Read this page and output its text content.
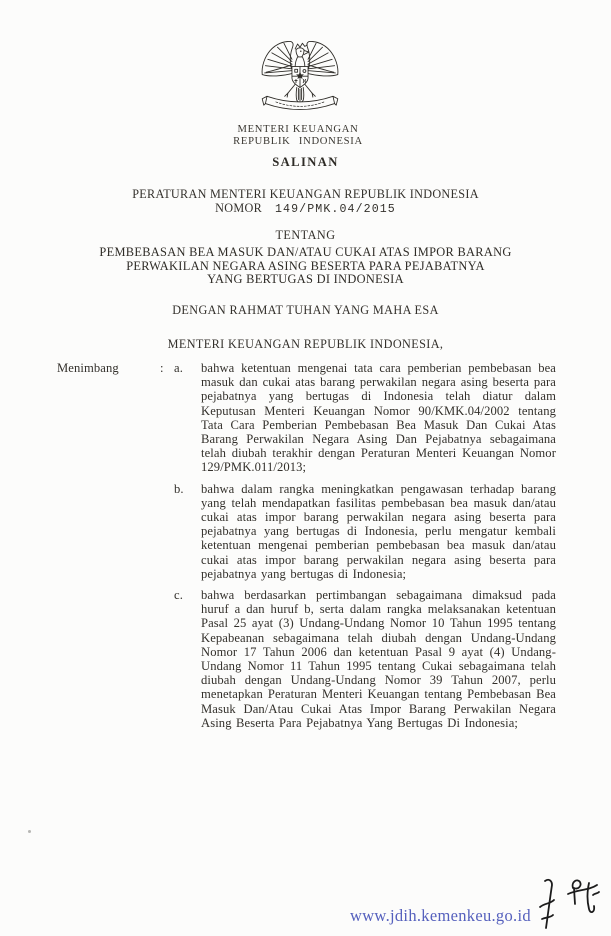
MENTERI KEUANGAN
REPUBLIK INDONESIA
SALINAN
PERATURAN MENTERI KEUANGAN REPUBLIK INDONESIA
NOMOR 149/PMK.04/2015
TENTANG
PEMBEBASAN BEA MASUK DAN/ATAU CUKAI ATAS IMPOR BARANG
PERWAKILAN NEGARA ASING BESERTA PARA PEJABATNYA
YANG BERTUGAS DI INDONESIA
DENGAN RAHMAT TUHAN YANG MAHA ESA
MENTERI KEUANGAN REPUBLIK INDONESIA,
Menimbang	: a.	bahwa ketentuan mengenai tata cara pemberian pembebasan bea masuk dan cukai atas barang perwakilan negara asing beserta para pejabatnya yang bertugas di Indonesia telah diatur dalam Keputusan Menteri Keuangan Nomor 90/KMK.04/2002 tentang Tata Cara Pemberian Pembebasan Bea Masuk Dan Cukai Atas Barang Perwakilan Negara Asing Dan Pejabatnya sebagaimana telah diubah terakhir dengan Peraturan Menteri Keuangan Nomor 129/PMK.011/2013;
b.	bahwa dalam rangka meningkatkan pengawasan terhadap barang yang telah mendapatkan fasilitas pembebasan bea masuk dan/atau cukai atas impor barang perwakilan negara asing beserta para pejabatnya yang bertugas di Indonesia, perlu mengatur kembali ketentuan mengenai pemberian pembebasan bea masuk dan/atau cukai atas impor barang perwakilan negara asing beserta para pejabatnya yang bertugas di Indonesia;
c.	bahwa berdasarkan pertimbangan sebagaimana dimaksud pada huruf a dan huruf b, serta dalam rangka melaksanakan ketentuan Pasal 25 ayat (3) Undang-Undang Nomor 10 Tahun 1995 tentang Kepabeanan sebagaimana telah diubah dengan Undang-Undang Nomor 17 Tahun 2006 dan ketentuan Pasal 9 ayat (4) Undang-Undang Nomor 11 Tahun 1995 tentang Cukai sebagaimana telah diubah dengan Undang-Undang Nomor 39 Tahun 2007, perlu menetapkan Peraturan Menteri Keuangan tentang Pembebasan Bea Masuk Dan/Atau Cukai Atas Impor Barang Perwakilan Negara Asing Beserta Para Pejabatnya Yang Bertugas Di Indonesia;
www.jdih.kemenkeu.go.id
